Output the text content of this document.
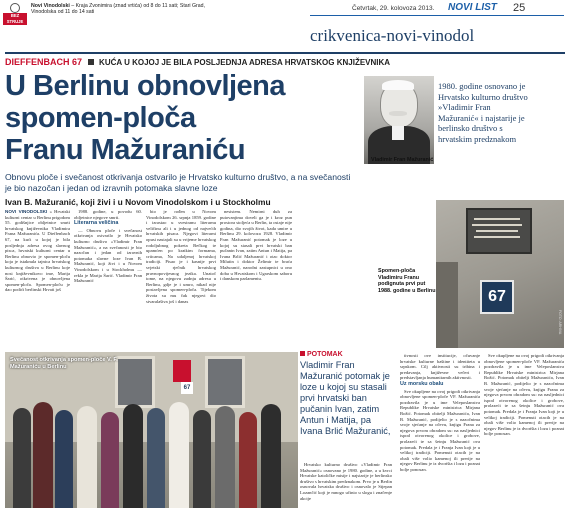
BEZ STRUJE
Novi Vinodolski – Kraja Zvonimira (znad vrtića) od 8 do 11 sati; Stari Grad, Vinodolska od 11 do 14 sati
Četvrtak, 29. kolovoza 2013. NOVI LIST 25
crikvenica-novi-vinodol
DIEFFENBACH 67 KUĆA U KOJOJ JE BILA POSLJEDNJA ADRESA HRVATSKOG KNJIŽEVNIKA
U Berlinu obnovljena
spomen-ploča
Franu Mažuraniću
Obnovu ploče i svečanost otkrivanja ostvarilo je Hrvatsko kulturno društvo, a na svečanosti je bio nazočan i jedan od izravnih potomaka slavne loze
Ivan B. Mažuranić, koji živi i u Novom Vinodolskom i u Stockholmu
Vladimir Fran Mažuranić
1980. godine osnovano je Hrvatsko kulturno društvo »Vladimir Fran Mažuranić« i najstarije je berlinsko društvo s hrvatskim predznakom
67
FOTO: ARHIVA
Spomen-ploča Vladimiru Franu podignuta prvi put 1988. godine u Berlinu

NOVI VINODOLSKI » Hrvatski kulturni centar u Berlinu prigodom 55. godišnjice obljetnice smrti hrvatskog književnika Vladimira Frana Mažuranića. U Dieffenbach 67, na kući u kojoj je bila posljednja adresa ovog slavnog pisca, hrvatski kulturni centar u Berlinu obnovio je spomen-ploču koja je istaknula tajnica hrvatskog kulturnog društva u Berlinu koje nosi književnikovo ime, Marija Šarić, otkrivena je obnovljena spomen-ploča. Spomen-ploču je dao podići berlinski Hrvati još

1988. godine, u povodu 60. obljetnice njegove smrti.

Literarna veličina

— Obnovu ploče i svečanost otkrivanja ostvarilo je Hrvatsko kulturno društvo »Vladimir Fran Mažuranić«, a na svečanosti je bio nazočan i jedan od izravnih potomaka slavne loze Ivan B. Mažuranić, koji živi i u Novom Vinodolskom i u Stockholmu — rekla je Marija Šarić. Vladimir Fran Mažuranić

bio je rođen u Novom Vinodolskom 26. srpnja 1859. godine i izrastao u svestranu literarnu veličinu ali i u jednog od najvećih hrvatskih pisaca. Njegovi literarni opusi nastajali su u vrijeme hrvatskog rodoljubnog pokreta Bečkog te upamćen po kratkim formama, crticama, Na udaljenoj hrvatskoj tradiciji. Pisao je i kasnije prvi svjetski rječnik hrvatskog pravnopovijesnog jezika. Unatoč tome, na njegovu zadnju adresu u Berlinu, gdje je i umro, nikad nije postavljena spomen-ploča. Tijekom života su mu čak njegovi dio stvaralaštva još i danas

nesistem. Nemirni duh za putovanjima doveli ga je i kroz pun prostora stoljeća u Berlin, ta ostaje nije godina, dio svojih život, kada umire u Berlinu 29. kolovoza 1928. Vladimir Fran Mažuranić potomak je loze u kojoj su stasali prvi hrvatski ban pučanin Ivan, zatim Antun i Matija, pa Ivana Brlić Mažuranić i otac doktor Milutin i doktor Želimir te braća Mažuranić, narodni zastupnici u ono doba u Hrvatskom i Ugarskom saboru i danskom parlamentu.

67
Svečanost otkrivanja spomen-ploče V. F. Mažuraniću u Berlinu
POTOMAK
Vladimir Fran Mažuranić potomak je loze u kojoj su stasali prvi hrvatski ban pučanin Ivan, zatim Antun i Matija, pa Ivana Brlić Mažuranić,

Hrvatsko kulturno društvo »Vladimir Fran Mažuranić« osnovano je 1980. godine, a u kvrci Hrvatske katoličke misije i najstarije je berlinsko društvo s hrvatskim predznakom. Prvo je u Berlin osnovala hrvatska društvo i osnovalo je Stjepan Lozančić koji je mnogo učinio u slogu i značenje akcije

tivnosti ove institucije, očuvanje hrvatske kulturne baštine i identiteta u srpskom. Cilj aktivnosti su tribina i predavanja, književne večeri i predstavljanja humanitarnih aktivnosti.

Uz morsku obalu

Sve okupljene na ovoj prigodi otkrivanja obnovljene spomen-ploče VF. Mažuranića pozdravila je u ime Veleposlanstva Republike Hrvatske ministrica Mirjana Božić. Potomak obitelji Mažuranića, Ivan B. Mažuranić, podijelio je s nazočnima svoje sjećanje na očevu, knjigu Frana za njegova prvom obradom su: na nasljednici ispod otvorenog okolice i grobove, prolazeći te sa šetnju Mažuranić ova potomak. Predala je i Franja Ivan koji je u velikoj tradiciji. Pomenuti otacih je na obali više volio kamenoj ili prerije na njegov Berlinu je iz dvorišta i lozu i poznat bolje ponosan.

Sve okupljene na ovoj prigodi otkrivanja obnovljene spomen-ploče VF. Mažuranića pozdravila je u ime Veleposlanstva Republike Hrvatske ministrica Mirjana Božić. Potomak obitelji Mažuranića, Ivan B. Mažuranić, podijelio je s nazočnima svoje sjećanje na očevu, knjigu Frana za njegova prvom obradom su: na nasljednici ispod otvorenog okolice i grobove, prolazeći te sa šetnju Mažuranić ova potomak. Predala je i Franja Ivan koji je u velikoj tradiciji. Pomenuti otacih je na obali više volio kamenoj ili prerije na njegov Berlinu je iz dvorišta i lozu i poznat bolje ponosan.
